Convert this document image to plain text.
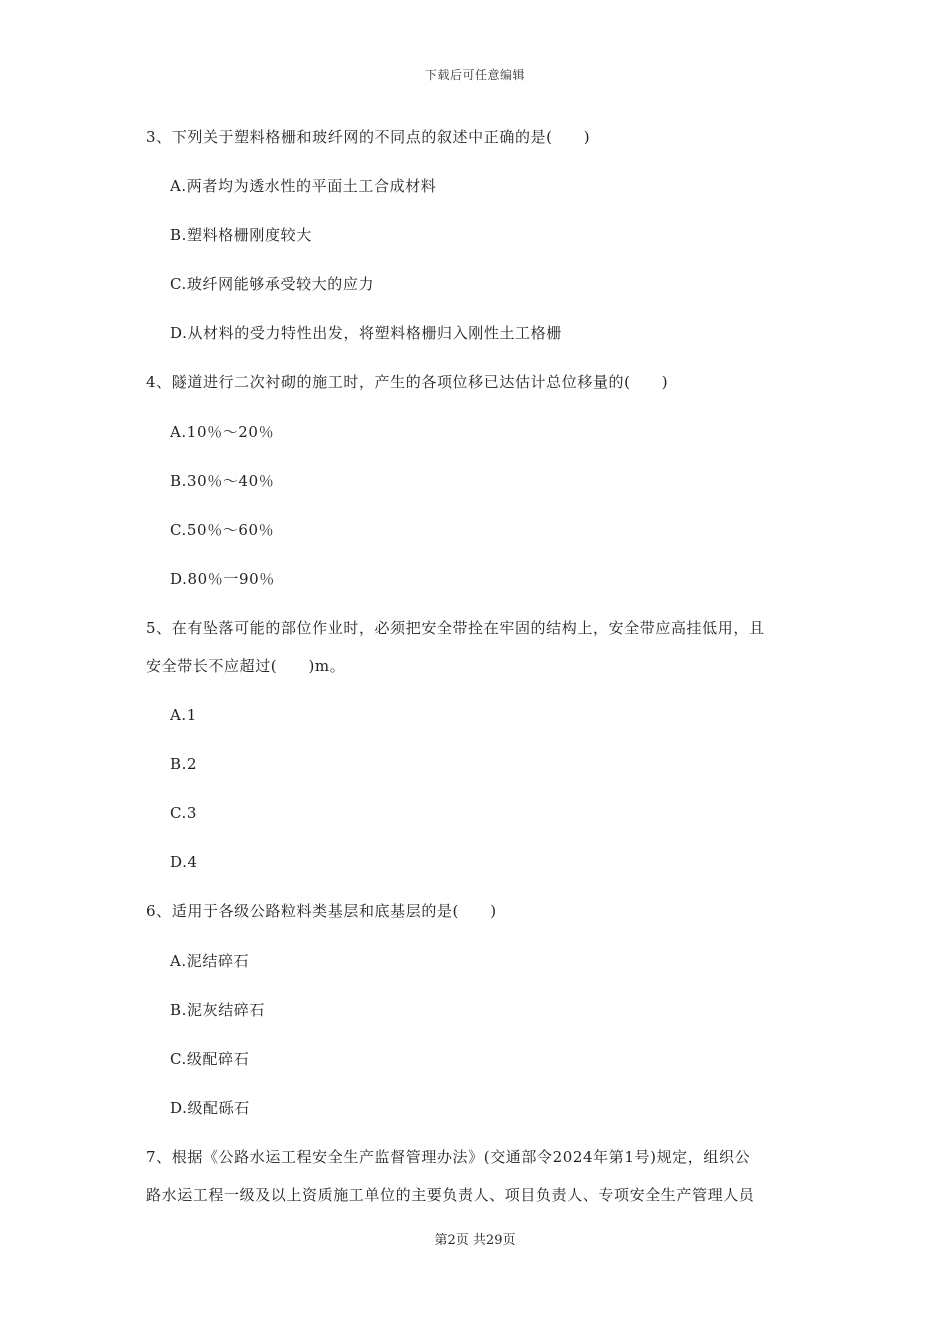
下载后可任意编辑
3、下列关于塑料格栅和玻纤网的不同点的叙述中正确的是(　　)
A.两者均为透水性的平面土工合成材料
B.塑料格栅刚度较大
C.玻纤网能够承受较大的应力
D.从材料的受力特性出发，将塑料格栅归入刚性土工格栅
4、隧道进行二次衬砌的施工时，产生的各项位移已达估计总位移量的(　　)
A.10％～20％
B.30％～40％
C.50％～60％
D.80％一90％
5、在有坠落可能的部位作业时，必须把安全带拴在牢固的结构上，安全带应高挂低用，且
安全带长不应超过(　　)m。
A.1
B.2
C.3
D.4
6、适用于各级公路粒料类基层和底基层的是(　　)
A.泥结碎石
B.泥灰结碎石
C.级配碎石
D.级配砾石
7、根据《公路水运工程安全生产监督管理办法》(交通部令2024年第1号)规定，组织公
路水运工程一级及以上资质施工单位的主要负责人、项目负责人、专项安全生产管理人员
第2页 共29页
